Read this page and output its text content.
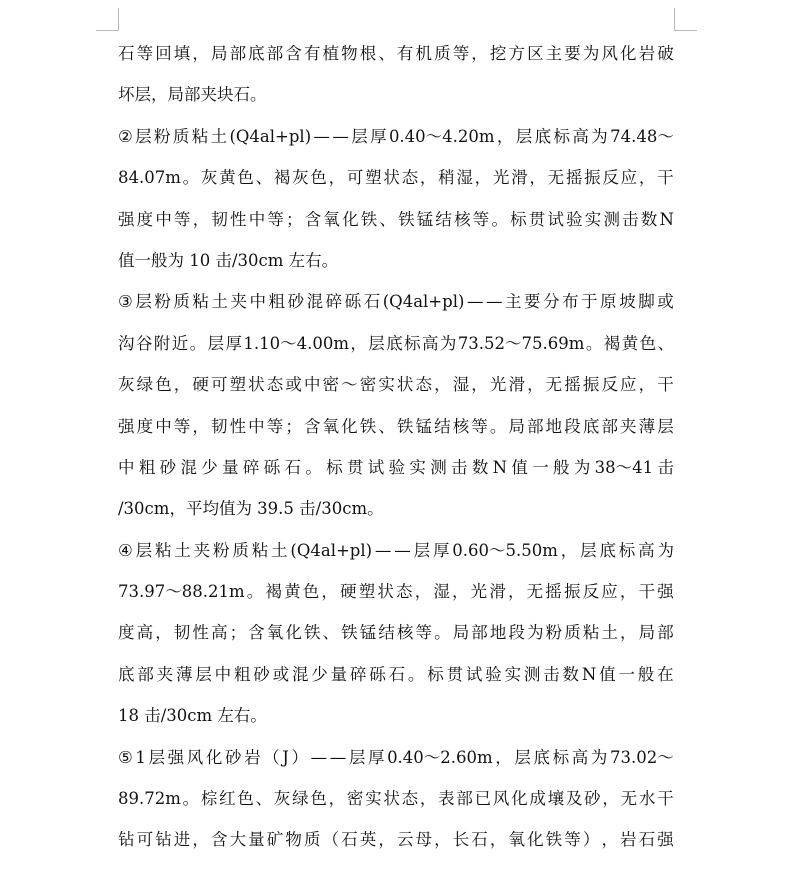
石 等 回 填 ， 局 部 底 部 含 有 植 物 根 、 有 机 质 等 ， 挖 方 区 主 要 为 风 化 岩 破
坏层，局部夹块石。
② 层 粉 质 粘 土 (Q4al+pl) — — 层 厚 0.40～4.20m ， 层 底 标 高 为 74.48～
84.07m 。 灰 黄 色 、 褐 灰 色 ， 可 塑 状 态 ， 稍 湿 ， 光 滑 ， 无 摇 振 反 应 ， 干
强 度 中 等 ， 韧 性 中 等 ； 含 氧 化 铁 、 铁 锰 结 核 等 。 标 贯 试 验 实 测 击 数 N
值一般为 10 击/30cm 左右。
③ 层 粉 质 粘 土 夹 中 粗 砂 混 碎 砾 石 (Q4al+pl) — — 主 要 分 布 于 原 坡 脚 或
沟 谷 附 近 。 层 厚 1.10～4.00m ， 层 底 标 高 为 73.52～75.69m 。 褐 黄 色 、
灰 绿 色 ， 硬 可 塑 状 态 或 中 密 ～ 密 实 状 态 ， 湿 ， 光 滑 ， 无 摇 振 反 应 ， 干
强 度 中 等 ， 韧 性 中 等 ； 含 氧 化 铁 、 铁 锰 结 核 等 。 局 部 地 段 底 部 夹 薄 层
中 粗 砂 混 少 量 碎 砾 石 。 标 贯 试 验 实 测 击 数 N 值 一 般 为 38～41 击
/30cm，平均值为 39.5 击/30cm。
④ 层 粘 土 夹 粉 质 粘 土 (Q4al+pl) — — 层 厚 0.60～5.50m ， 层 底 标 高 为
73.97～88.21m 。 褐 黄 色 ， 硬 塑 状 态 ， 湿 ， 光 滑 ， 无 摇 振 反 应 ， 干 强
度 高 ， 韧 性 高 ； 含 氧 化 铁 、 铁 锰 结 核 等 。 局 部 地 段 为 粉 质 粘 土 ， 局 部
底 部 夹 薄 层 中 粗 砂 或 混 少 量 碎 砾 石 。 标 贯 试 验 实 测 击 数 N 值 一 般 在
18 击/30cm 左右。
⑤ 1 层 强 风 化 砂 岩 （ J ） — — 层 厚 0.40～2.60m ， 层 底 标 高 为 73.02～
89.72m 。 棕 红 色 、 灰 绿 色 ， 密 实 状 态 ， 表 部 已 风 化 成 壤 及 砂 ， 无 水 干
钻 可 钻 进 ， 含 大 量 矿 物 质 （ 石 英 ， 云 母 ， 长 石 ， 氧 化 铁 等 ） ， 岩 石 强
